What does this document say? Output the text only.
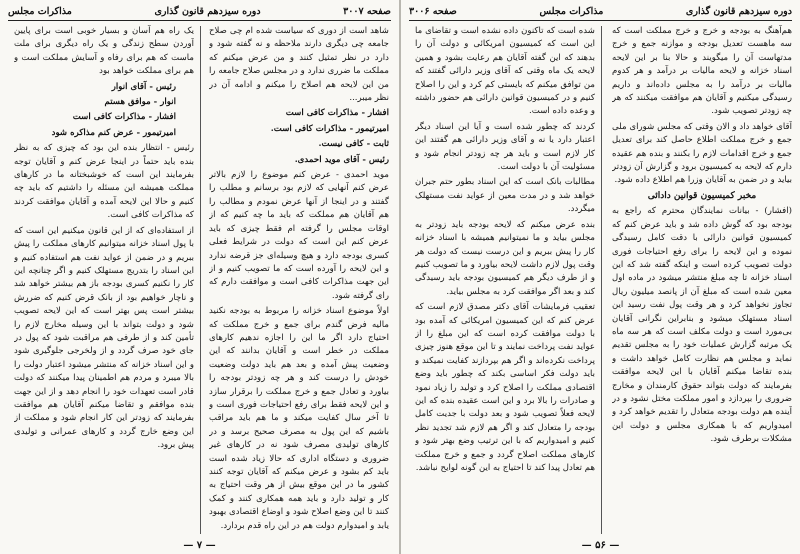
صفحه ۳۰۰۷
دوره سیزدهم قانون گذاری
مذاکرات مجلس

شاهد است از دوری که سیاست شده ام چی صلاح جامعه چی دیگری دارند ملاحظه و نه گفته شود و دارد در نظر تمثیل کنند و من عرض میکنم که مملکت ما ضرری ندارد و در مجلس صلاح جامعه را من این لایحه هم اصلاح را میکنم و ادامه آن در نظر میبر...

افشار - مذاکرات کافی است

امیرتیمور - مذاکرات کافی است.

ثابت - کافی نیست.

رئیس - آقای موید احمدی.

موید احمدی - عرض کنم موضوع را لازم بالاتر عرض کنم آنهایی که لازم بود برسانم و مطلب را گفتند و در اینجا از آنها عرض نمودم و مطالب را هم آقایان هم مملکت که باید ما چه کنیم که از اوقات مجلس را گرفته ام فقط چیزی که باید عرض کنم این است که دولت در شرایط فعلی کسری بودجه دارد و هیچ وسیله‌ای جز قرضه ندارد و این لایحه را آورده است که ما تصویب کنیم و از این جهت مذاکرات کافی است و موافقت دارم که رای گرفته شود.

اولاً موضوع اسناد خزانه را مربوط به بودجه نکنید مالیه فرض گندم برای جمع و خرج مملکت که احتیاج دارد اگر ما این را اجازه ندهیم کارهای مملکت در خطر است و آقایان بدانند که این وضعیت پیش آمده و بعد هم باید دولت وضعیت خودش را درست کند و هر چه زودتر بودجه را بیاورد و تعادل جمع و خرج مملکت را برقرار سازد و این لایحه فقط برای رفع احتیاجات فوری است و تا آخر سال کفایت میکند و ما هم باید مراقب باشیم که این پول به مصرف صحیح برسد و در کارهای تولیدی مصرف شود نه در کارهای غیر ضروری و دستگاه اداری که حالا زیاد شده است باید کم بشود و عرض میکنم که آقایان توجه کنند کشور ما در این موقع بیش از هر وقت احتیاج به کار و تولید دارد و باید همه همکاری کنند و کمک کنند تا این وضع اصلاح شود و اوضاع اقتصادی بهبود یابد و امیدوارم دولت هم در این راه قدم بردارد.

یک راه هم آسان و بسیار خوبی است برای پایین آوردن سطح زندگی و یک راه دیگری برای ملت ماست که هم برای رفاه و آسایش مملکت است و هم برای مملکت خواهد بود

رئیس - آقای انوار

انوار - موافق هستم

افشار - مذاکرات کافی است

امیرتیمور - عرض کنم مذاکره شود

رئیس - انتظار بنده این بود که چیزی که به نظر بنده باید حتماً در اینجا عرض کنم و آقایان توجه بفرمایند این است که خوشبختانه ما در کارهای مملکت همیشه این مسئله را داشتیم که باید چه کنیم و حالا این لایحه آمده و آقایان موافقت کردند که مذاکرات کافی است.

از استفاده‌ای که از این قانون میکنیم این است که با پول اسناد خزانه میتوانیم کارهای مملکت را پیش ببریم و در ضمن از عواید نفت هم استفاده کنیم و این اسناد را بتدریج مستهلک کنیم و اگر چنانچه این کار را نکنیم کسری بودجه باز هم بیشتر خواهد شد و ناچار خواهیم بود از بانک قرض کنیم که ضررش بیشتر است پس بهتر است که این لایحه تصویب شود و دولت بتواند با این وسیله مخارج لازم را تأمین کند و از طرفی هم مراقبت شود که پول در جای خود صرف گردد و از ولخرجی جلوگیری شود و این اسناد خزانه که منتشر میشود اعتبار دولت را بالا میبرد و مردم هم اطمینان پیدا میکنند که دولت قادر است تعهدات خود را انجام دهد و از این جهت بنده موافقم و تقاضا میکنم آقایان هم موافقت بفرمایند که زودتر این کار انجام شود و مملکت از این وضع خارج گردد و کارهای عمرانی و تولیدی پیش برود.

— ۷ —
دوره سیزدهم قانون گذاری
مذاکرات مجلس
صفحه ۳۰۰۶

هم‌آهنگ به بودجه و خرج و خرج مملکت است که سه ماهست تعدیل بودجه و موازنه جمع و خرج مدتهاست آن را میگویند و حالا بنا بر این لایحه اسناد خزانه و لایحه مالیات بر درآمد و هر کدوم مالیات بر درآمد را به مجلس داده‌اند و داریم رسیدگی میکنیم و آقایان هم موافقت میکنند که هر چه زودتر تصویب شود.

آقای خواهد داد و الان وقتی که مجلس شورای ملی جمع و خرج مملکت اطلاع حاصل کند برای تعدیل جمع و خرج اقدامات لازم را بکنند و بنده هم عقیده دارم که لایحه به کمیسیون برود و گزارش آن زودتر بیاید و در ضمن به آقایان وزرا هم اطلاع داده شود.

مخبر کمیسیون قوانین دادائی

(افشار) - بیانات نمایندگان محترم که راجع به بودجه بود که گوش داده شد و باید عرض کنم که کمیسیون قوانین دارائی با دقت کامل رسیدگی نموده و این لایحه را برای رفع احتیاجات فوری دولت تصویب کرده است و اینکه گفته شد که این اسناد خزانه تا چه مبلغ منتشر میشود در ماده اول معین شده است که مبلغ آن از پانصد میلیون ریال تجاوز نخواهد کرد و هر وقت پول نفت رسید این اسناد مستهلک میشود و بنابراین نگرانی آقایان بی‌مورد است و دولت مکلف است که هر سه ماه یک مرتبه گزارش عملیات خود را به مجلس تقدیم نماید و مجلس هم نظارت کامل خواهد داشت و بنده تقاضا میکنم آقایان با این لایحه موافقت بفرمایند که دولت بتواند حقوق کارمندان و مخارج ضروری را بپردازد و امور مملکت مختل نشود و در آینده هم دولت بودجه متعادل را تقدیم خواهد کرد و امیدواریم که با همکاری مجلس و دولت این مشکلات برطرف شود.

شده است که تاکنون داده نشده است و تقاضای ما این است که کمیسیون امریکائی و دولت آن را بدهند که این گفته آقایان هم رعایت بشود و همین لایحه یک ماه وقتی که آقای وزیر دارائی گفتند که من توافق میکنم که بایستی کم کرد و این را اصلاح کنیم و در کمیسیون قوانین دارائی هم حضور داشته و وعده داده است.

کردند که چطور شده است و آیا این اسناد دیگر اعتبار دارد یا نه و آقای وزیر دارائی هم گفتند این کار لازم است و باید هر چه زودتر انجام شود و مسئولیت آن با دولت است.

مطالبات بانک است که این اسناد بطور حتم جبران خواهد شد و در مدت معین از عواید نفت مستهلک میگردد.

بنده عرض میکنم که لایحه بودجه باید زودتر به مجلس بیاید و ما نمیتوانیم همیشه با اسناد خزانه کار را پیش ببریم و این درست نیست که دولت هر وقت پول لازم داشت لایحه بیاورد و ما تصویب کنیم و از طرف دیگر هم کمیسیون بودجه باید رسیدگی کند و بعد اگر موافقت کرد به مجلس بیاید.

تعقیب فرمایشات آقای دکتر مصدق لازم است که عرض کنم که این کمیسیون امریکائی که آمده بود با دولت موافقت کرده است که این مبلغ را از عواید نفت پرداخت نمایند و تا این موقع هنوز چیزی پرداخت نکرده‌اند و اگر هم بپردازند کفایت نمیکند و باید دولت فکر اساسی بکند که چطور باید وضع اقتصادی مملکت را اصلاح کرد و تولید را زیاد نمود و صادرات را بالا برد و این است عقیده بنده که این لایحه فعلاً تصویب شود و بعد دولت با جدیت کامل بودجه را متعادل کند و اگر هم لازم شد تجدید نظر کنیم و امیدواریم که با این ترتیب وضع بهتر شود و کارهای مملکت اصلاح گردد و جمع و خرج مملکت هم تعادل پیدا کند تا احتیاج به این گونه لوایح نباشد.

— ۵۶ —
